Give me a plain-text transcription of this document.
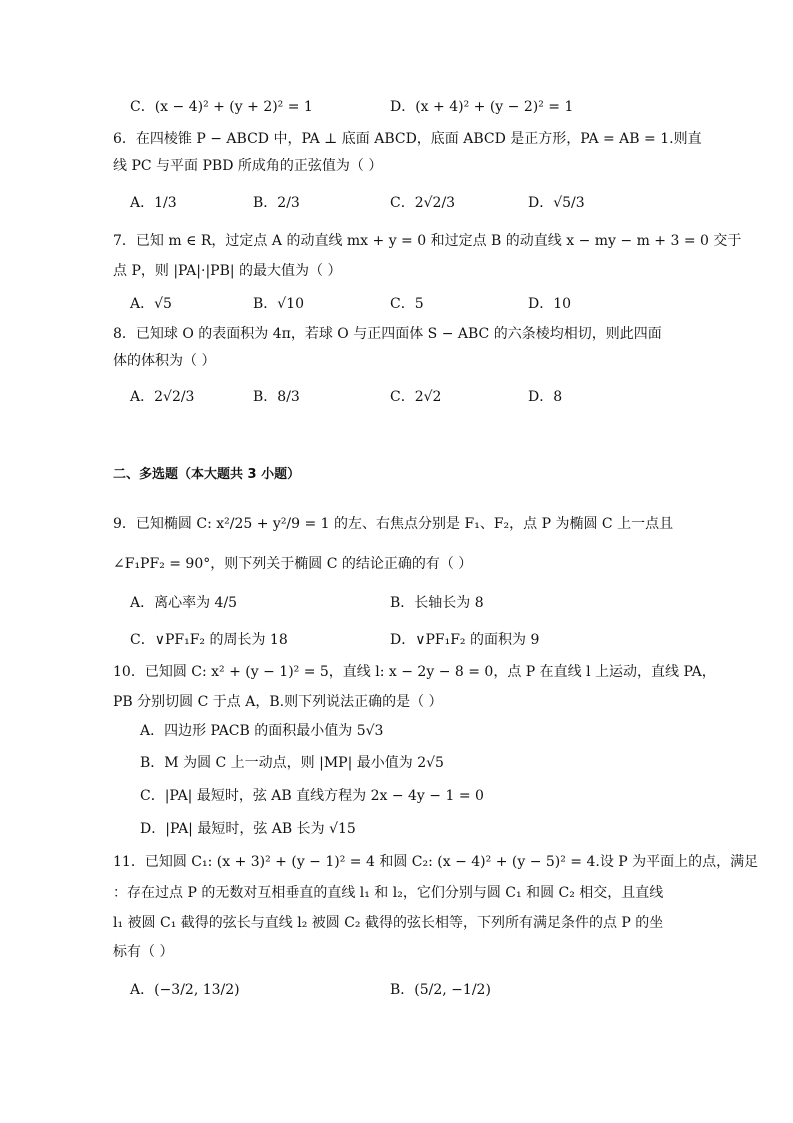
C．(x − 4)² + (y + 2)² = 1	D．(x + 4)² + (y − 2)² = 1
6．在四棱锥 P − ABCD 中，PA ⊥ 底面 ABCD，底面 ABCD 是正方形，PA = AB = 1.则直
线 PC 与平面 PBD 所成角的正弦值为（ ）
A．1/3	B．2/3	C．2√2/3	D．√5/3
7．已知 m ∈ R，过定点 A 的动直线 mx + y = 0 和过定点 B 的动直线 x − my − m + 3 = 0 交于
点 P，则 |PA|·|PB| 的最大值为（ ）
A．√5	B．√10	C．5	D．10
8．已知球 O 的表面积为 4π，若球 O 与正四面体 S − ABC 的六条棱均相切，则此四面
体的体积为（ ）
A．2√2/3	B．8/3	C．2√2	D．8
二、多选题（本大题共 3 小题）
9．已知椭圆 C: x²/25 + y²/9 = 1 的左、右焦点分别是 F₁、F₂，点 P 为椭圆 C 上一点且
∠F₁PF₂ = 90°，则下列关于椭圆 C 的结论正确的有（ ）
A．离心率为 4/5	B．长轴长为 8
C．∨PF₁F₂ 的周长为 18	D．∨PF₁F₂ 的面积为 9
10．已知圆 C: x² + (y − 1)² = 5，直线 l: x − 2y − 8 = 0，点 P 在直线 l 上运动，直线 PA，
PB 分别切圆 C 于点 A，B.则下列说法正确的是（ ）
A．四边形 PACB 的面积最小值为 5√3
B．M 为圆 C 上一动点，则 |MP| 最小值为 2√5
C．|PA| 最短时，弦 AB 直线方程为 2x − 4y − 1 = 0
D．|PA| 最短时，弦 AB 长为 √15
11．已知圆 C₁: (x + 3)² + (y − 1)² = 4 和圆 C₂: (x − 4)² + (y − 5)² = 4.设 P 为平面上的点，满足
：存在过点 P 的无数对互相垂直的直线 l₁ 和 l₂，它们分别与圆 C₁ 和圆 C₂ 相交，且直线
l₁ 被圆 C₁ 截得的弦长与直线 l₂ 被圆 C₂ 截得的弦长相等，下列所有满足条件的点 P 的坐
标有（ ）
A．(−3/2, 13/2)	B．(5/2, −1/2)
